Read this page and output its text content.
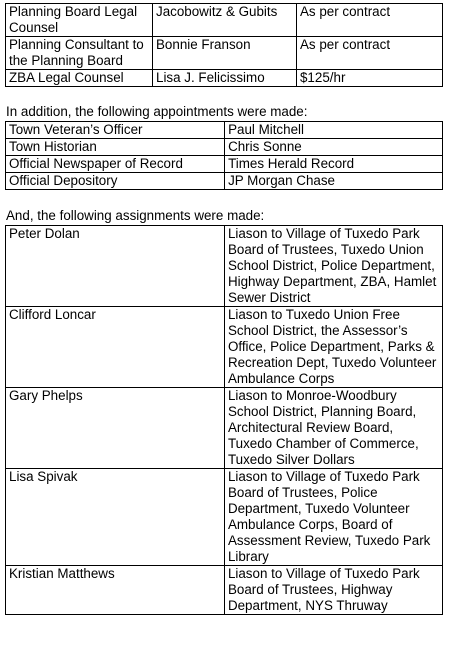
Planning Board Legal Counsel	Jacobowitz & Gubits	As per contract
Planning Consultant to the Planning Board	Bonnie Franson	As per contract
ZBA Legal Counsel	Lisa J. Felicissimo	$125/hr

In addition, the following appointments were made:

Town Veteran’s Officer	Paul Mitchell
Town Historian	Chris Sonne
Official Newspaper of Record	Times Herald Record
Official Depository	JP Morgan Chase

And, the following assignments were made:

Peter Dolan	Liason to Village of Tuxedo Park Board of Trustees, Tuxedo Union School District, Police Department, Highway Department, ZBA, Hamlet Sewer District
Clifford Loncar	Liason to Tuxedo Union Free School District, the Assessor’s Office, Police Department, Parks & Recreation Dept, Tuxedo Volunteer Ambulance Corps
Gary Phelps	Liason to Monroe-Woodbury School District, Planning Board, Architectural Review Board, Tuxedo Chamber of Commerce, Tuxedo Silver Dollars
Lisa Spivak	Liason to Village of Tuxedo Park Board of Trustees, Police Department, Tuxedo Volunteer Ambulance Corps, Board of Assessment Review, Tuxedo Park Library
Kristian Matthews	Liason to Village of Tuxedo Park Board of Trustees, Highway Department, NYS Thruway
